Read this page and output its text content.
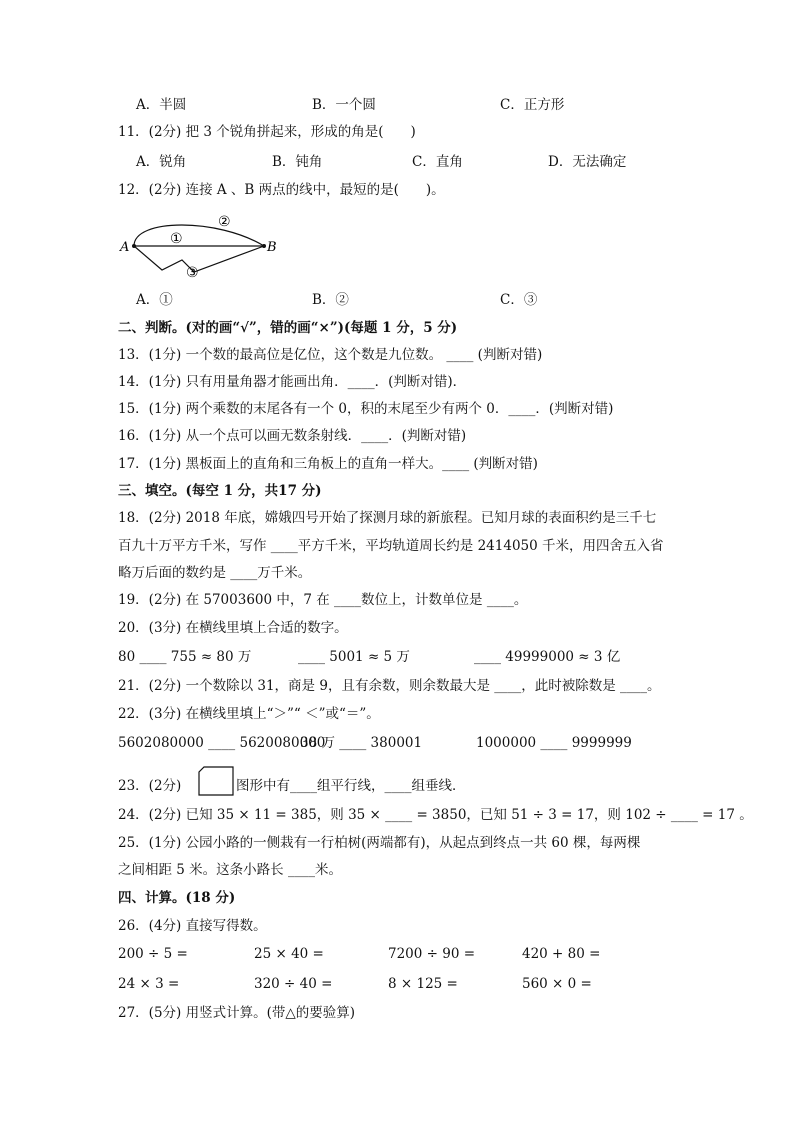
A．半圆	B．一个圆	C．正方形
11．(2分) 把 3 个锐角拼起来，形成的角是(　　)
A．锐角	B．钝角	C．直角	D．无法确定
12．(2分) 连接 A 、B 两点的线中，最短的是(　　)。
A	B
①
②
③
A．①	B．②	C．③
二、判断。(对的画“√”，错的画“×”)(每题 1 分，5 分)
13．(1分) 一个数的最高位是亿位，这个数是九位数。 ____ (判断对错)
14．(1分) 只有用量角器才能画出角．____．(判断对错)．
15．(1分) 两个乘数的末尾各有一个 0，积的末尾至少有两个 0．____．(判断对错)
16．(1分) 从一个点可以画无数条射线．____．(判断对错)
17．(1分) 黑板面上的直角和三角板上的直角一样大。____ (判断对错)
三、填空。(每空 1 分，共17 分)
18．(2分) 2018 年底，嫦娥四号开始了探测月球的新旅程。已知月球的表面积约是三千七
百九十万平方千米，写作 ____平方千米，平均轨道周长约是 2414050 千米，用四舍五入省
略万后面的数约是 ____万千米。
19．(2分) 在 57003600 中，7 在 ____数位上，计数单位是 ____。
20．(3分) 在横线里填上合适的数字。
80 ____ 755 ≈ 80 万	____ 5001 ≈ 5 万	____ 49999000 ≈ 3 亿
21．(2分) 一个数除以 31，商是 9，且有余数，则余数最大是 ____，此时被除数是 ____。
22．(3分) 在横线里填上“＞”“ ＜”或“＝”。
5602080000 ____ 5620080000
38 万 ____ 380001	1000000 ____ 9999999
23．(2分)	图形中有____组平行线，____组垂线．
24．(2分) 已知 35 × 11 = 385，则 35 × ____ = 3850，已知 51 ÷ 3 = 17，则 102 ÷ ____ = 17 。
25．(1分) 公园小路的一侧栽有一行柏树(两端都有)，从起点到终点一共 60 棵，每两棵
之间相距 5 米。这条小路长 ____米。
四、计算。(18 分)
26．(4分) 直接写得数。
200 ÷ 5 =	25 × 40 =	7200 ÷ 90 =	420 + 80 =
24 × 3 =	320 ÷ 40 =	8 × 125 =	560 × 0 =
27．(5分) 用竖式计算。(带△的要验算)
